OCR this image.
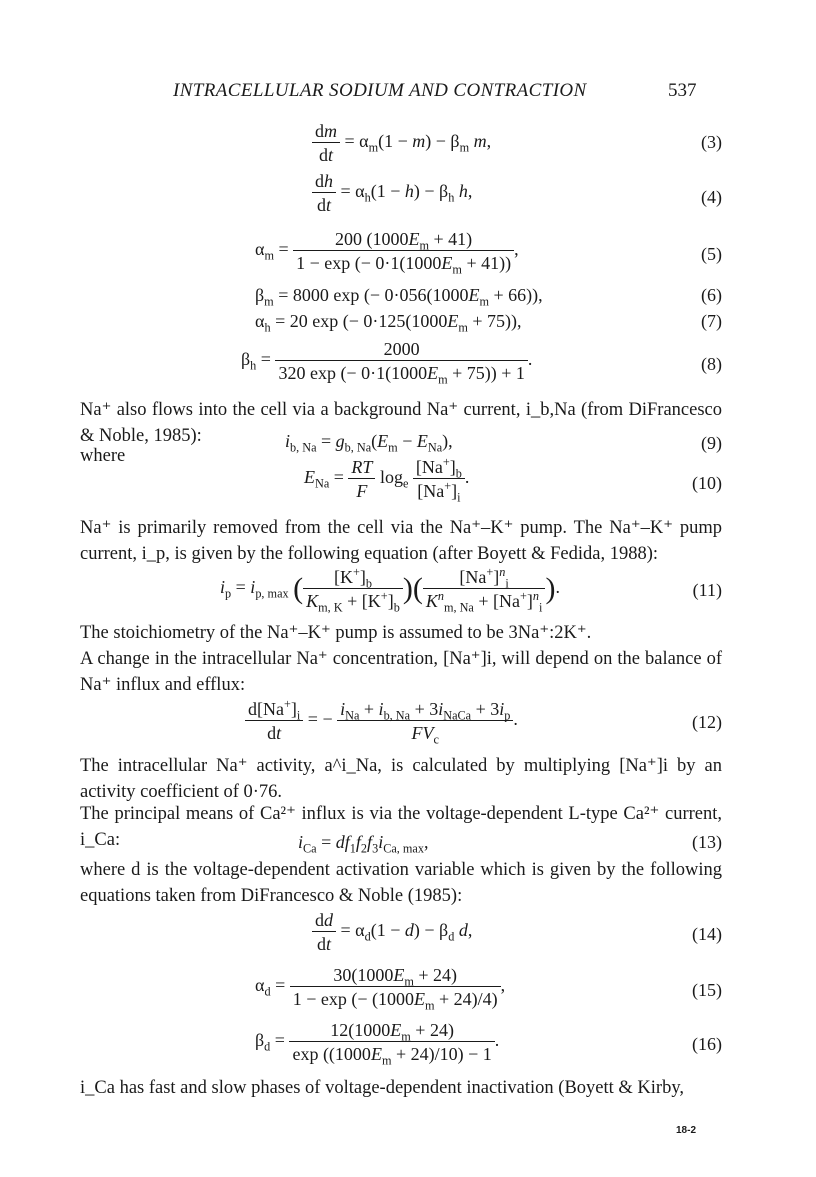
INTRACELLULAR SODIUM AND CONTRACTION	537
$\frac{dm}{dt} = \alpha_m(1 - m) - \beta_m$ m,	(3)
$\frac{dh}{dt} = \alpha_h(1 - h) - \beta_h$ h,	(4)
$\alpha_m = \frac{200 (1000E_m + 41)}{1 - \exp (- 0\cdot 1(1000E_m + 41))}$ ,	(5)
$\beta_m = 8000$ exp (− $0\cdot 056(1000E_m + 66)$),	(6)
$\alpha_h = 20$ exp (− $0\cdot 125(1000E_m + 75)$),	(7)
$\beta_h = \frac{2000}{320 \exp (- 0\cdot 1(1000E_m + 75)) + 1}$ .	(8)
Na⁺ also flows into the cell via a background Na⁺ current, i_b,Na (from DiFrancesco & Noble, 1985):
where
$i_{b, Na} = g_{b, Na}(E_m - E_{Na})$,	(9)
$E_{Na} = \frac{RT}{F} \log_e \frac{[Na^+]_b}{[Na^+]_i}$ .	(10)
Na⁺ is primarily removed from the cell via the Na⁺–K⁺ pump. The Na⁺–K⁺ pump current, i_p, is given by the following equation (after Boyett & Fedida, 1988):
$i_p = i_{p, max}$ ( $\frac{[K^+]_b}{K_{m, K} + [K^+]_b}$ )( $\frac{[Na^+]^n_i}{K^n_{m, Na} + [Na^+]^n_i}$ ).	(11)
The stoichiometry of the Na⁺–K⁺ pump is assumed to be 3Na⁺:2K⁺.
A change in the intracellular Na⁺ concentration, [Na⁺]i, will depend on the balance of Na⁺ influx and efflux:
$\frac{d[Na^+]_i}{dt}$ = − $\frac{i_{Na} + i_{b, Na} + 3i_{NaCa} + 3i_p}{FV_c}$ .	(12)
The intracellular Na⁺ activity, a^i_Na, is calculated by multiplying [Na⁺]i by an activity coefficient of 0·76.
The principal means of Ca²⁺ influx is via the voltage-dependent L-type Ca²⁺ current, i_Ca:	$i_{Ca} = df_1f_2f_3i_{Ca, max}$,	(13)
where d is the voltage-dependent activation variable which is given by the following equations taken from DiFrancesco & Noble (1985):
$\frac{dd}{dt} = \alpha_d(1 - d) - \beta_d$ d,	(14)
$\alpha_d = \frac{30(1000E_m + 24)}{1 - \exp (- (1000E_m + 24)/4)}$ ,	(15)
$\beta_d = \frac{12(1000E_m + 24)}{\exp ((1000E_m + 24)/10) - 1}$ .	(16)
i_Ca has fast and slow phases of voltage-dependent inactivation (Boyett & Kirby,
18-2
